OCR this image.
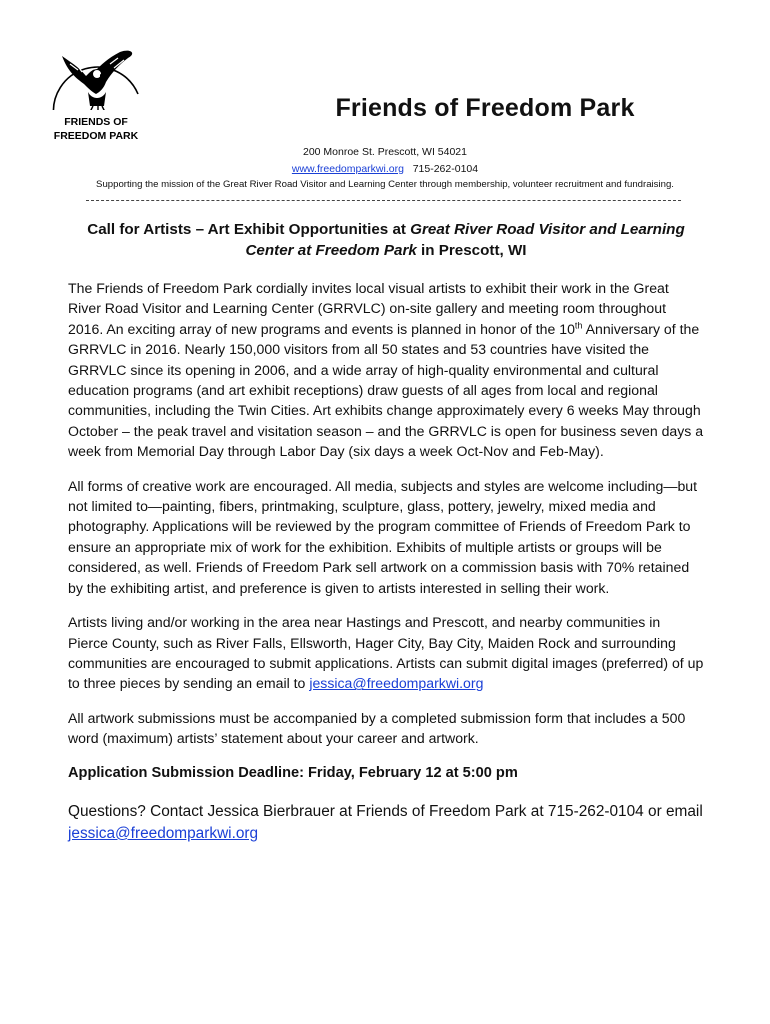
FRIENDS OF
FREEDOM PARK
Friends of Freedom Park
200 Monroe St. Prescott, WI 54021
www.freedomparkwi.org 715-262-0104
Supporting the mission of the Great River Road Visitor and Learning Center through membership, volunteer recruitment and fundraising.

Call for Artists – Art Exhibit Opportunities at Great River Road Visitor and Learning Center at Freedom Park in Prescott, WI

The Friends of Freedom Park cordially invites local visual artists to exhibit their work in the Great River Road Visitor and Learning Center (GRRVLC) on-site gallery and meeting room throughout 2016. An exciting array of new programs and events is planned in honor of the 10th Anniversary of the GRRVLC in 2016. Nearly 150,000 visitors from all 50 states and 53 countries have visited the GRRVLC since its opening in 2006, and a wide array of high-quality environmental and cultural education programs (and art exhibit receptions) draw guests of all ages from local and regional communities, including the Twin Cities. Art exhibits change approximately every 6 weeks May through October – the peak travel and visitation season – and the GRRVLC is open for business seven days a week from Memorial Day through Labor Day (six days a week Oct-Nov and Feb-May).

All forms of creative work are encouraged. All media, subjects and styles are welcome including—but not limited to—painting, fibers, printmaking, sculpture, glass, pottery, jewelry, mixed media and photography. Applications will be reviewed by the program committee of Friends of Freedom Park to ensure an appropriate mix of work for the exhibition. Exhibits of multiple artists or groups will be considered, as well. Friends of Freedom Park sell artwork on a commission basis with 70% retained by the exhibiting artist, and preference is given to artists interested in selling their work.

Artists living and/or working in the area near Hastings and Prescott, and nearby communities in Pierce County, such as River Falls, Ellsworth, Hager City, Bay City, Maiden Rock and surrounding communities are encouraged to submit applications. Artists can submit digital images (preferred) of up to three pieces by sending an email to jessica@freedomparkwi.org

All artwork submissions must be accompanied by a completed submission form that includes a 500 word (maximum) artists’ statement about your career and artwork.

Application Submission Deadline: Friday, February 12 at 5:00 pm

Questions? Contact Jessica Bierbrauer at Friends of Freedom Park at 715-262-0104 or email jessica@freedomparkwi.org
